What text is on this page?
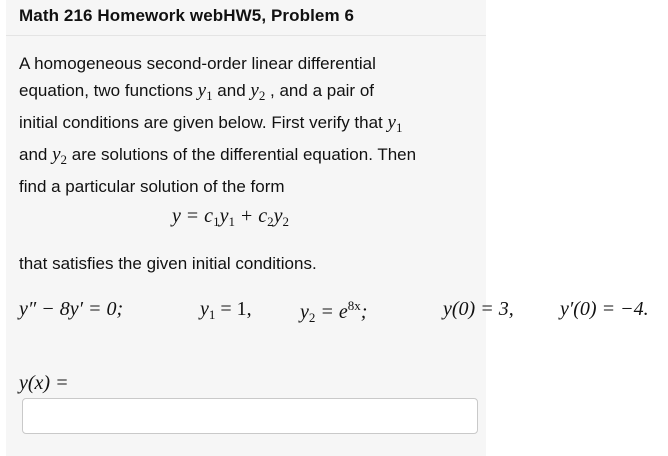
Math 216 Homework webHW5, Problem 6
A homogeneous second-order linear differential
equation, two functions $y_1$ and $y_2$ , and a pair of
initial conditions are given below. First verify that $y_1$
and $y_2$ are solutions of the differential equation. Then
find a particular solution of the form
$y = c_1y_1 + c_2y_2$
that satisfies the given initial conditions.
y″ − 8y′ = 0;	$y_1 = 1$, $y_2 = e^{8x}$;	y(0) = 3, y′(0) = −4.
y(x) =
